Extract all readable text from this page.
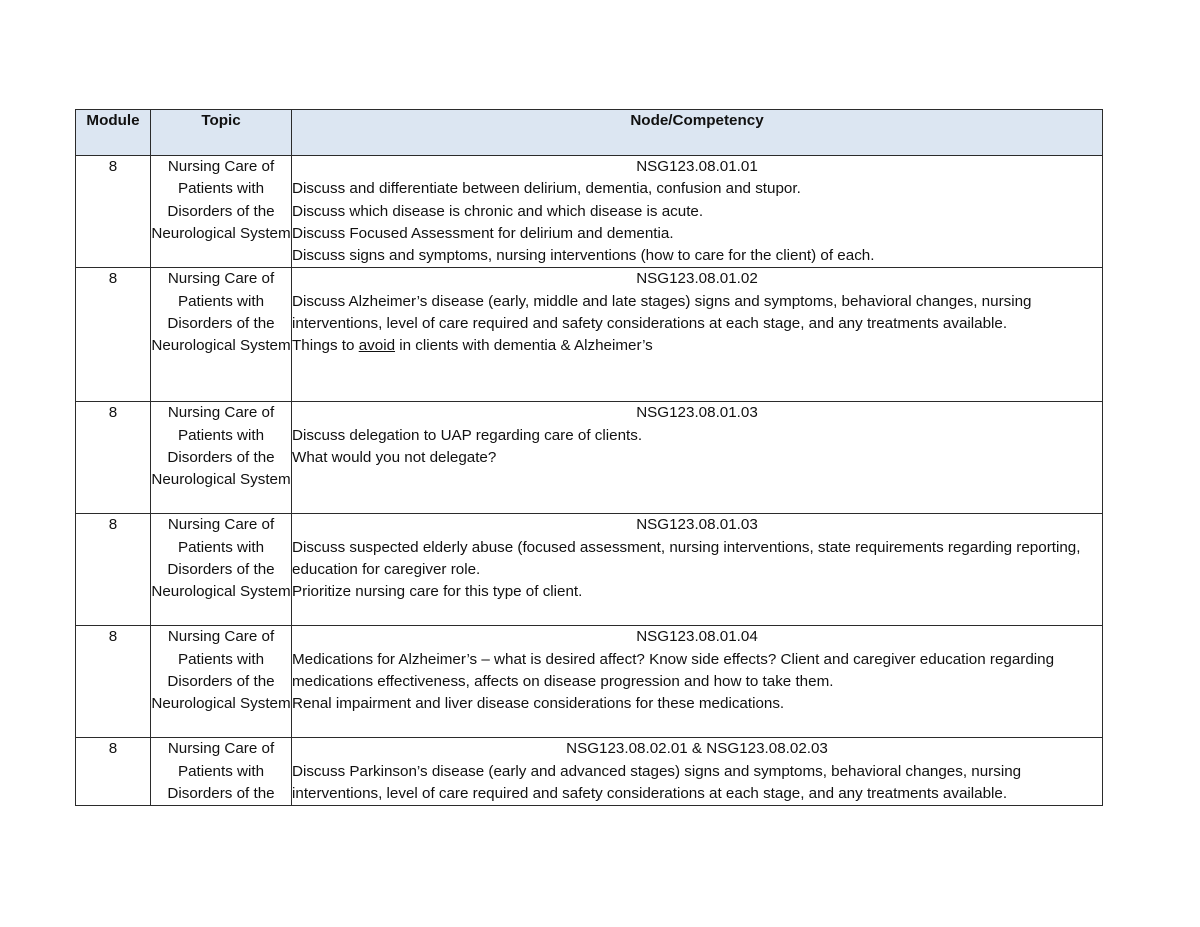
Module	Topic	Node/Competency
8	Nursing Care of Patients with Disorders of the Neurological System	NSG123.08.01.01
Discuss and differentiate between delirium, dementia, confusion and stupor.
Discuss which disease is chronic and which disease is acute.
Discuss Focused Assessment for delirium and dementia.
Discuss signs and symptoms, nursing interventions (how to care for the client) of each.

8	Nursing Care of Patients with Disorders of the Neurological System	NSG123.08.01.02
Discuss Alzheimer’s disease (early, middle and late stages) signs and symptoms, behavioral changes, nursing interventions, level of care required and safety considerations at each stage, and any treatments available.
Things to avoid in clients with dementia & Alzheimer’s

8	Nursing Care of Patients with Disorders of the Neurological System	NSG123.08.01.03
Discuss delegation to UAP regarding care of clients.
What would you not delegate?

8	Nursing Care of Patients with Disorders of the Neurological System	NSG123.08.01.03
Discuss suspected elderly abuse (focused assessment, nursing interventions, state requirements regarding reporting, education for caregiver role.
Prioritize nursing care for this type of client.

8	Nursing Care of Patients with Disorders of the Neurological System	NSG123.08.01.04
Medications for Alzheimer’s – what is desired affect? Know side effects? Client and caregiver education regarding medications effectiveness, affects on disease progression and how to take them.
Renal impairment and liver disease considerations for these medications.

8	Nursing Care of Patients with Disorders of the	NSG123.08.02.01 & NSG123.08.02.03
Discuss Parkinson’s disease (early and advanced stages) signs and symptoms, behavioral changes, nursing interventions, level of care required and safety considerations at each stage, and any treatments available.
